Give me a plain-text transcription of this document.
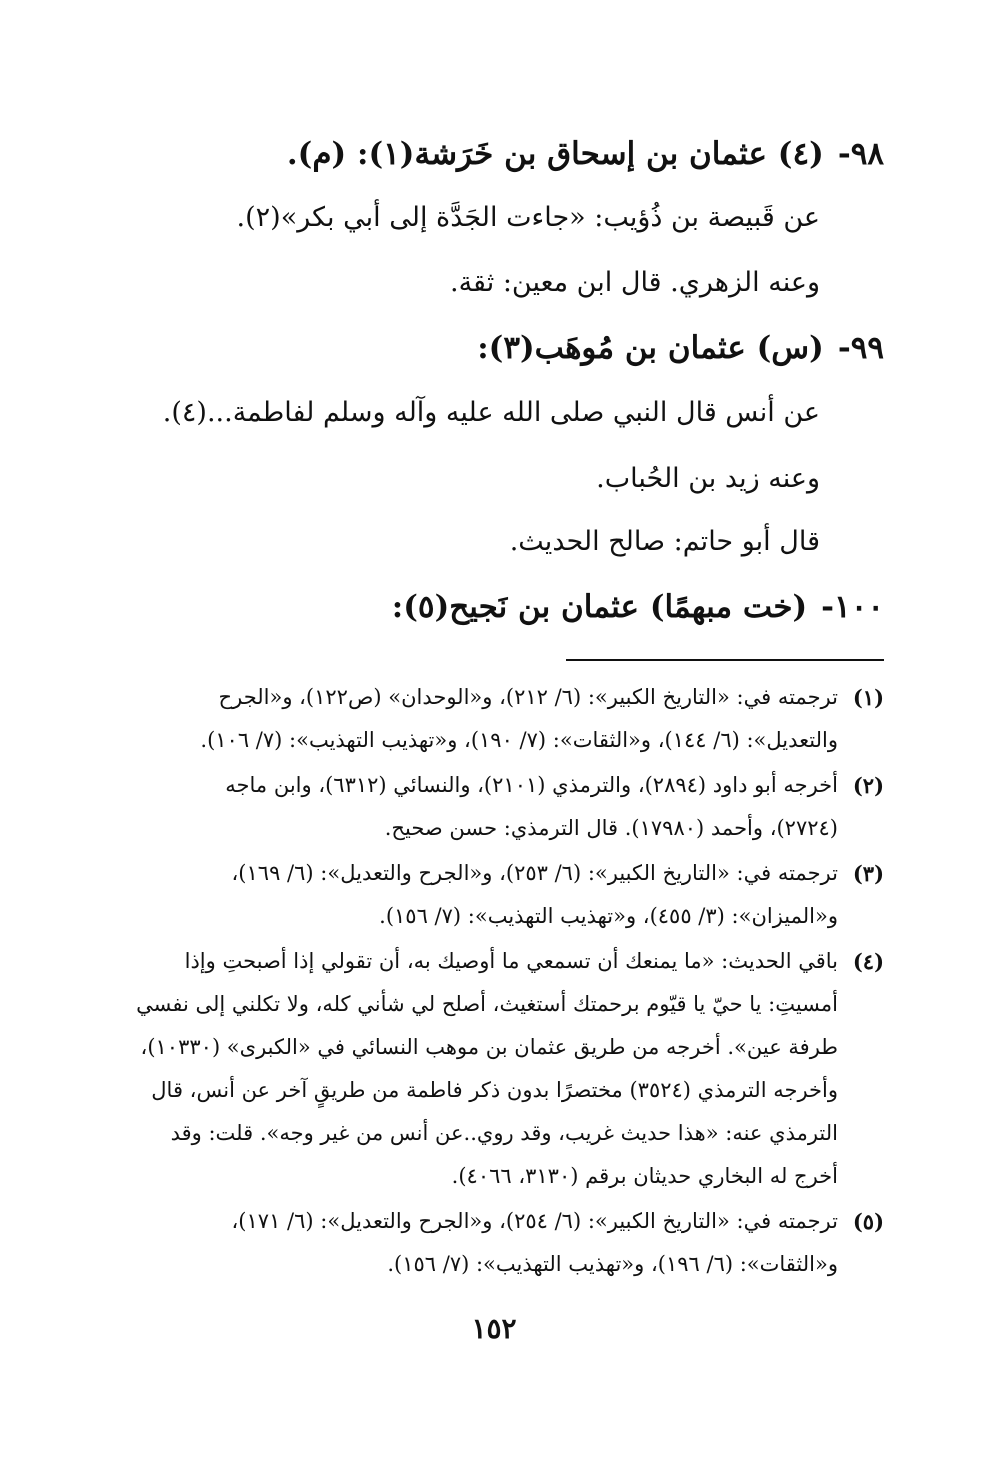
٩٨-(٤) عثمان بن إسحاق بن خَرَشة(١): (م).
عن قَبيصة بن ذُؤيب: «جاءت الجَدَّة إلى أبي بكر»(٢).
وعنه الزهري. قال ابن معين: ثقة.
٩٩-(س) عثمان بن مُوهَب(٣):
عن أنس قال النبي صلى الله عليه وآله وسلم لفاطمة...(٤).
وعنه زيد بن الحُباب.
قال أبو حاتم: صالح الحديث.
١٠٠-(خت مبهمًا) عثمان بن نَجيح(٥):
(١)
ترجمته في: «التاريخ الكبير»: (٦/ ٢١٢)، و«الوحدان» (ص١٢٢)، و«الجرح
والتعديل»: (٦/ ١٤٤)، و«الثقات»: (٧/ ١٩٠)، و«تهذيب التهذيب»: (٧/ ١٠٦).
(٢)
أخرجه أبو داود (٢٨٩٤)، والترمذي (٢١٠١)، والنسائي (٦٣١٢)، وابن ماجه
(٢٧٢٤)، وأحمد (١٧٩٨٠). قال الترمذي: حسن صحيح.
(٣)
ترجمته في: «التاريخ الكبير»: (٦/ ٢٥٣)، و«الجرح والتعديل»: (٦/ ١٦٩)،
و«الميزان»: (٣/ ٤٥٥)، و«تهذيب التهذيب»: (٧/ ١٥٦).
(٤)
باقي الحديث: «ما يمنعك أن تسمعي ما أوصيك به، أن تقولي إذا أصبحتِ وإذا
أمسيتِ: يا حيّ يا قيّوم برحمتك أستغيث، أصلح لي شأني كله، ولا تكلني إلى نفسي
طرفة عين». أخرجه من طريق عثمان بن موهب النسائي في «الكبرى» (١٠٣٣٠)،
وأخرجه الترمذي (٣٥٢٤) مختصرًا بدون ذكر فاطمة من طريقٍ آخر عن أنس، قال
الترمذي عنه: «هذا حديث غريب، وقد روي..عن أنس من غير وجه». قلت: وقد
أخرج له البخاري حديثان برقم (٣١٣٠، ٤٠٦٦).
(٥)
ترجمته في: «التاريخ الكبير»: (٦/ ٢٥٤)، و«الجرح والتعديل»: (٦/ ١٧١)،
و«الثقات»: (٦/ ١٩٦)، و«تهذيب التهذيب»: (٧/ ١٥٦).
١٥٢
